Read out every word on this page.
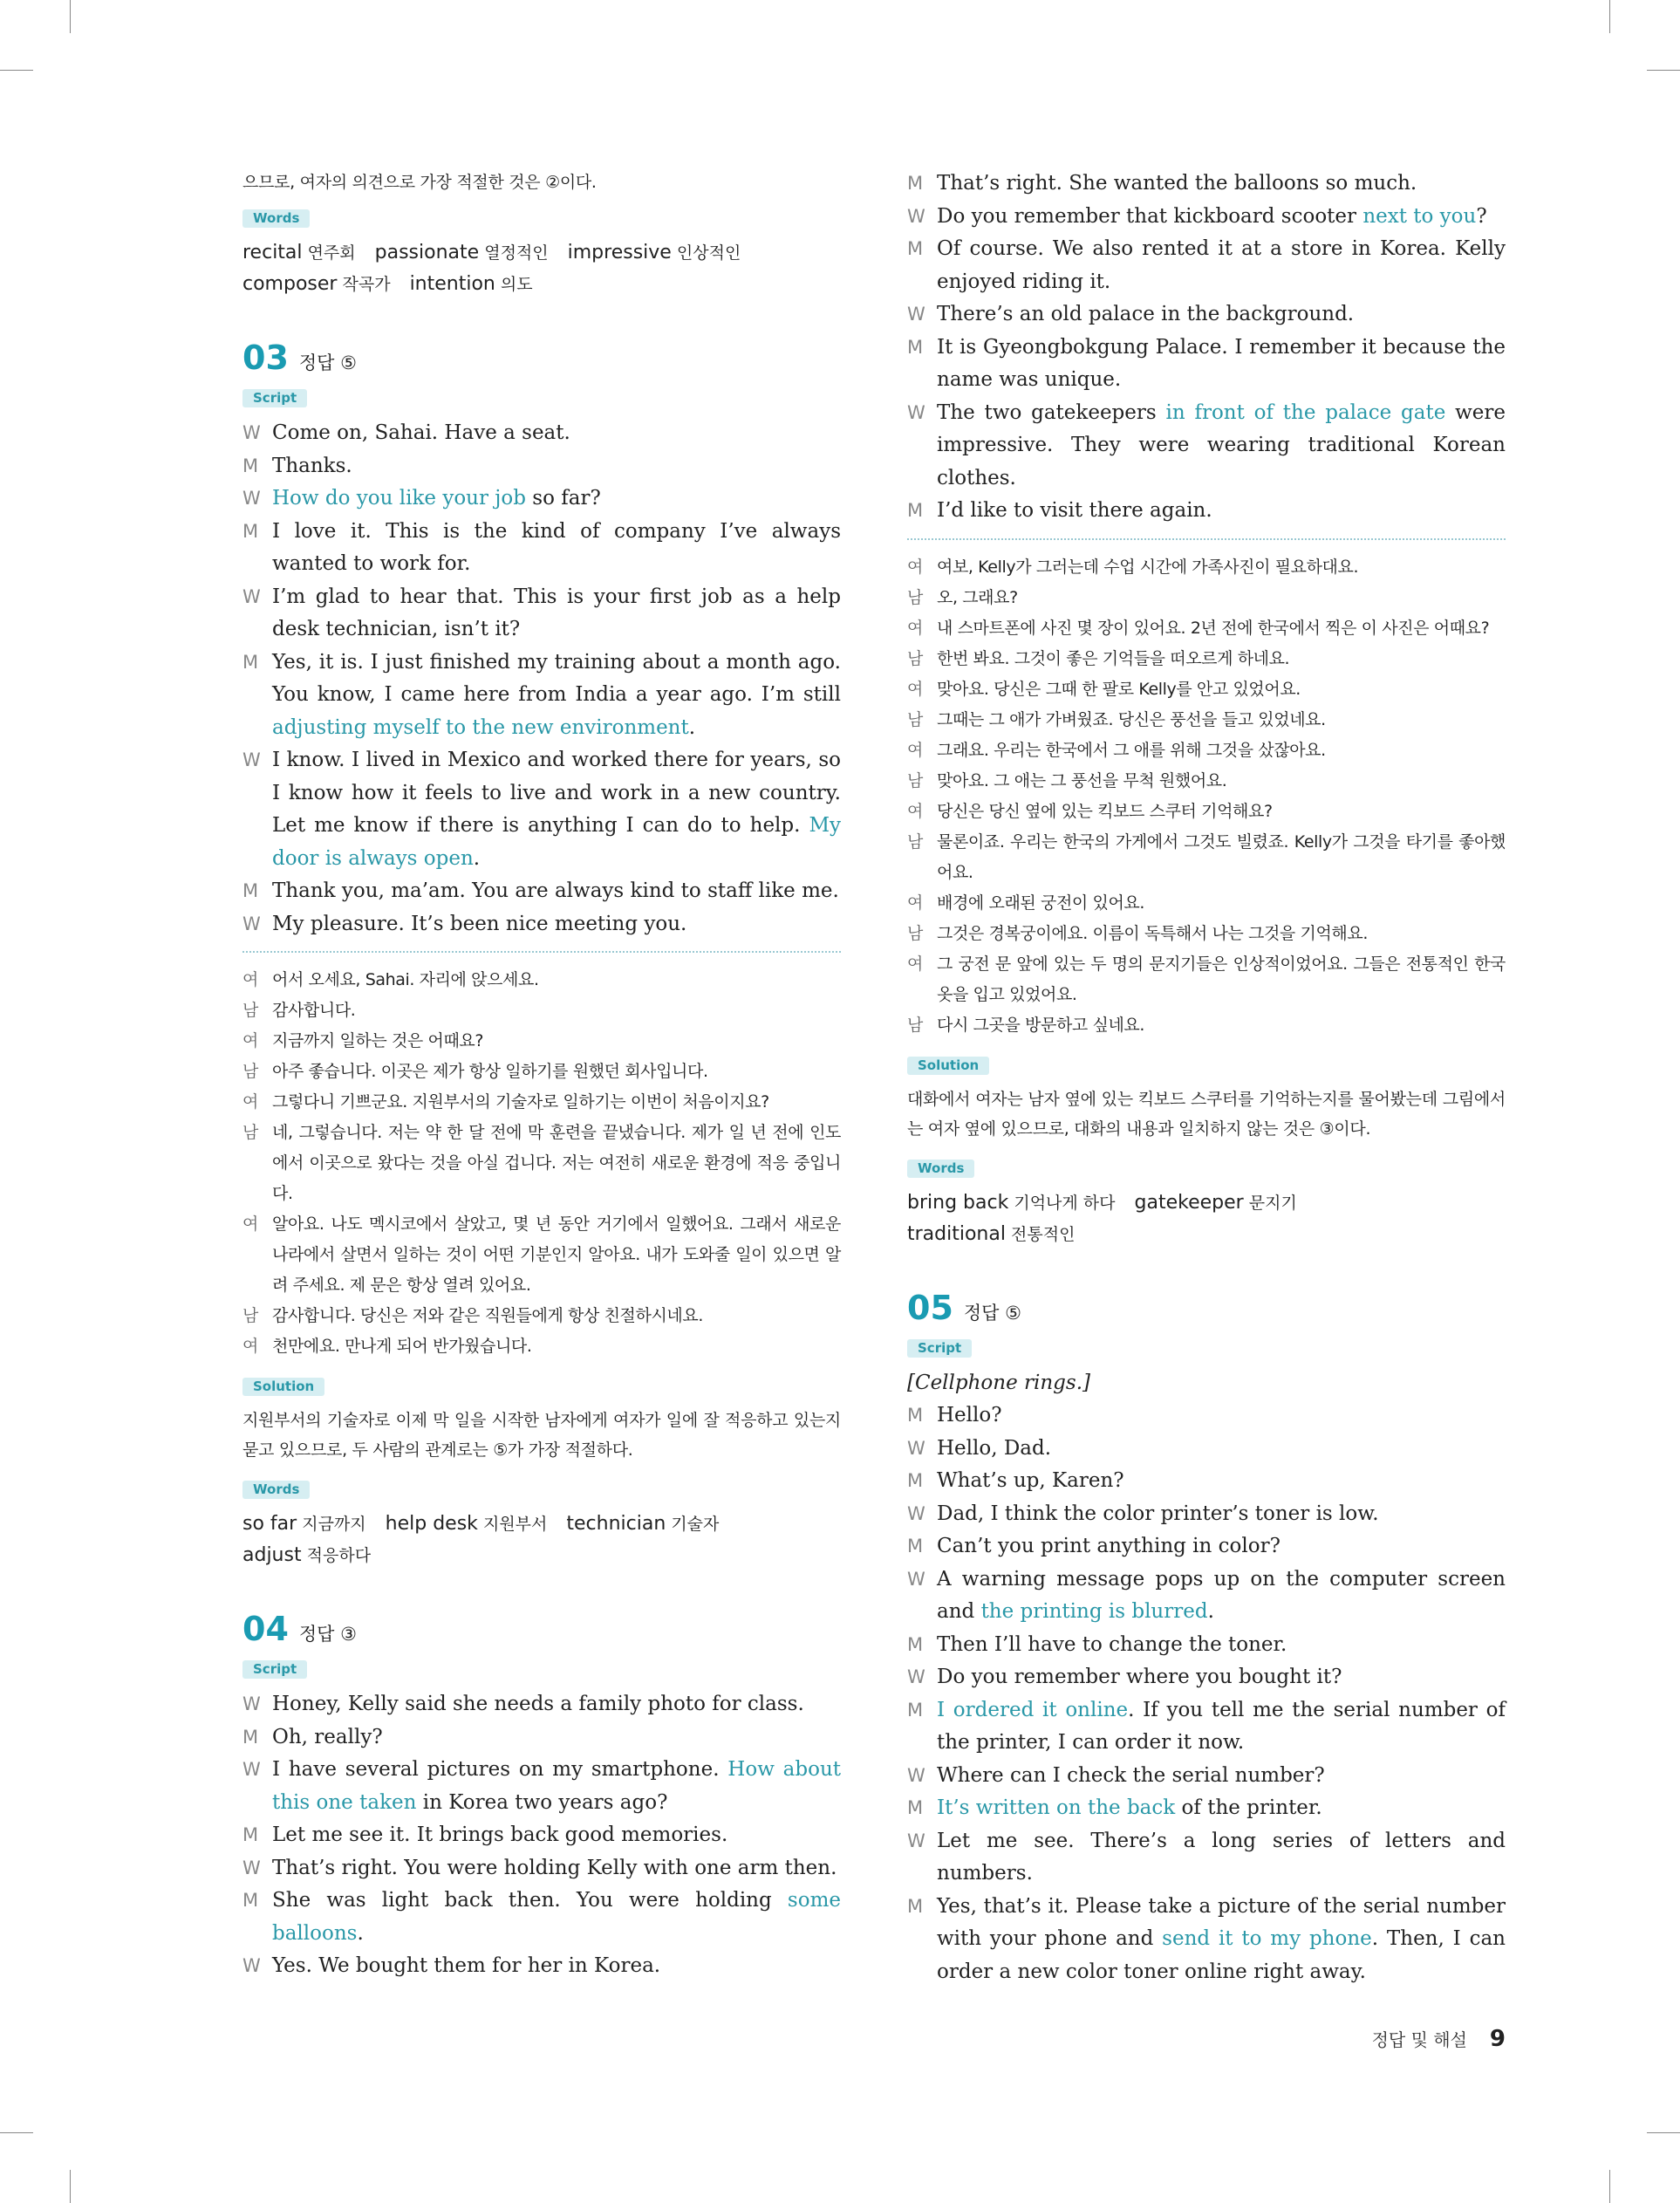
으므로, 여자의 의견으로 가장 적절한 것은 ②이다.
Words
recital 연주회 passionate 열정적인 impressive 인상적인
composer 작곡가 intention 의도
03 정답 ⑤
Script
W Come on, Sahai. Have a seat.
M Thanks.
W How do you like your job so far?
M I love it. This is the kind of company I’ve always wanted to work for.
W I’m glad to hear that. This is your first job as a help desk technician, isn’t it?
M Yes, it is. I just finished my training about a month ago. You know, I came here from India a year ago. I’m still adjusting myself to the new environment.
W I know. I lived in Mexico and worked there for years, so I know how it feels to live and work in a new country. Let me know if there is anything I can do to help. My door is always open.
M Thank you, ma’am. You are always kind to staff like me.
W My pleasure. It’s been nice meeting you.
여 어서 오세요, Sahai. 자리에 앉으세요.
남 감사합니다.
여 지금까지 일하는 것은 어때요?
남 아주 좋습니다. 이곳은 제가 항상 일하기를 원했던 회사입니다.
여 그렇다니 기쁘군요. 지원부서의 기술자로 일하기는 이번이 처음이지요?
남 네, 그렇습니다. 저는 약 한 달 전에 막 훈련을 끝냈습니다. 제가 일 년 전에 인도에서 이곳으로 왔다는 것을 아실 겁니다. 저는 여전히 새로운 환경에 적응 중입니다.
여 알아요. 나도 멕시코에서 살았고, 몇 년 동안 거기에서 일했어요. 그래서 새로운 나라에서 살면서 일하는 것이 어떤 기분인지 알아요. 내가 도와줄 일이 있으면 알려 주세요. 제 문은 항상 열려 있어요.
남 감사합니다. 당신은 저와 같은 직원들에게 항상 친절하시네요.
여 천만에요. 만나게 되어 반가웠습니다.
Solution
지원부서의 기술자로 이제 막 일을 시작한 남자에게 여자가 일에 잘 적응하고 있는지 묻고 있으므로, 두 사람의 관계로는 ⑤가 가장 적절하다.
Words
so far 지금까지 help desk 지원부서 technician 기술자
adjust 적응하다
04 정답 ③
Script
W Honey, Kelly said she needs a family photo for class.
M Oh, really?
W I have several pictures on my smartphone. How about this one taken in Korea two years ago?
M Let me see it. It brings back good memories.
W That’s right. You were holding Kelly with one arm then.
M She was light back then. You were holding some balloons.
W Yes. We bought them for her in Korea.
M That’s right. She wanted the balloons so much.
W Do you remember that kickboard scooter next to you?
M Of course. We also rented it at a store in Korea. Kelly enjoyed riding it.
W There’s an old palace in the background.
M It is Gyeongbokgung Palace. I remember it because the name was unique.
W The two gatekeepers in front of the palace gate were impressive. They were wearing traditional Korean clothes.
M I’d like to visit there again.
여 여보, Kelly가 그러는데 수업 시간에 가족사진이 필요하대요.
남 오, 그래요?
여 내 스마트폰에 사진 몇 장이 있어요. 2년 전에 한국에서 찍은 이 사진은 어때요?
남 한번 봐요. 그것이 좋은 기억들을 떠오르게 하네요.
여 맞아요. 당신은 그때 한 팔로 Kelly를 안고 있었어요.
남 그때는 그 애가 가벼웠죠. 당신은 풍선을 들고 있었네요.
여 그래요. 우리는 한국에서 그 애를 위해 그것을 샀잖아요.
남 맞아요. 그 애는 그 풍선을 무척 원했어요.
여 당신은 당신 옆에 있는 킥보드 스쿠터 기억해요?
남 물론이죠. 우리는 한국의 가게에서 그것도 빌렸죠. Kelly가 그것을 타기를 좋아했어요.
여 배경에 오래된 궁전이 있어요.
남 그것은 경복궁이에요. 이름이 독특해서 나는 그것을 기억해요.
여 그 궁전 문 앞에 있는 두 명의 문지기들은 인상적이었어요. 그들은 전통적인 한국 옷을 입고 있었어요.
남 다시 그곳을 방문하고 싶네요.
Solution
대화에서 여자는 남자 옆에 있는 킥보드 스쿠터를 기억하는지를 물어봤는데 그림에서는 여자 옆에 있으므로, 대화의 내용과 일치하지 않는 것은 ③이다.
Words
bring back 기억나게 하다 gatekeeper 문지기
traditional 전통적인
05 정답 ⑤
Script
[Cellphone rings.]
M Hello?
W Hello, Dad.
M What’s up, Karen?
W Dad, I think the color printer’s toner is low.
M Can’t you print anything in color?
W A warning message pops up on the computer screen and the printing is blurred.
M Then I’ll have to change the toner.
W Do you remember where you bought it?
M I ordered it online. If you tell me the serial number of the printer, I can order it now.
W Where can I check the serial number?
M It’s written on the back of the printer.
W Let me see. There’s a long series of letters and numbers.
M Yes, that’s it. Please take a picture of the serial number with your phone and send it to my phone. Then, I can order a new color toner online right away.
정답 및 해설 9
